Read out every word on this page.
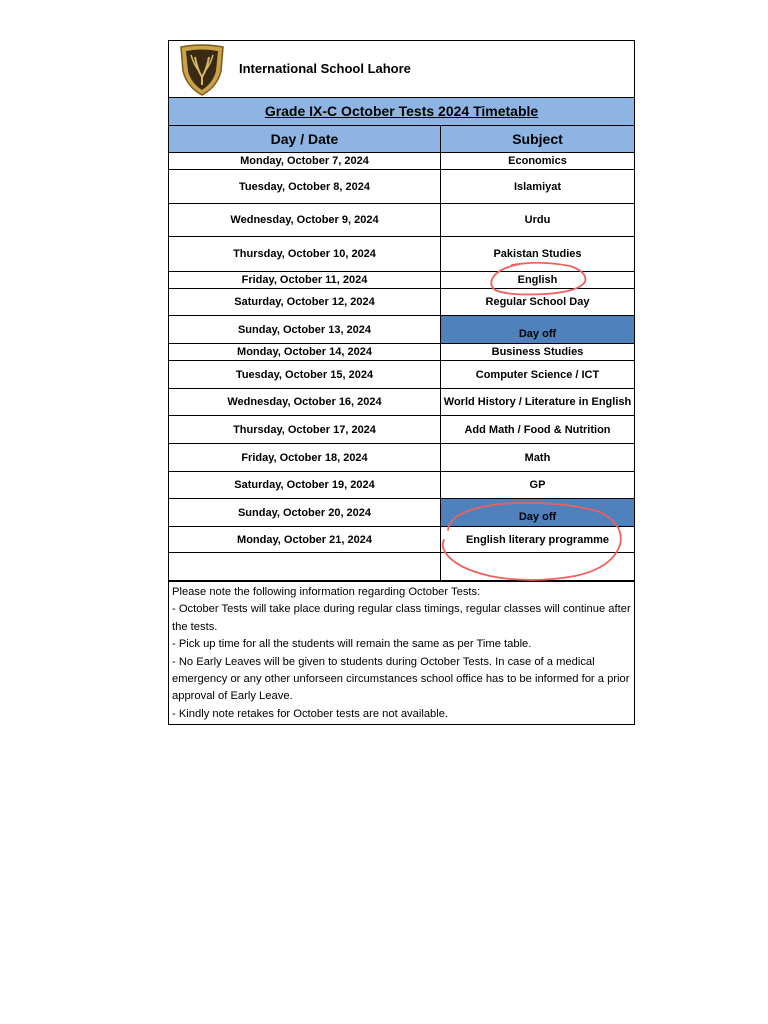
International School Lahore
Grade IX-C October Tests 2024 Timetable
Day / Date	Subject
Monday, October 7, 2024	Economics
Tuesday, October 8, 2024	Islamiyat
Wednesday, October 9, 2024	Urdu
Thursday, October 10, 2024	Pakistan Studies
Friday, October 11, 2024	English
Saturday, October 12, 2024	Regular School Day
Sunday, October 13, 2024	Day off

Monday, October 14, 2024	Business Studies
Tuesday, October 15, 2024	Computer Science / ICT
Wednesday, October 16, 2024	World History / Literature in English
Thursday, October 17, 2024	Add Math / Food & Nutrition
Friday, October 18, 2024	Math
Saturday, October 19, 2024	GP
Sunday, October 20, 2024	Day off

Monday, October 21, 2024	English literary programme

Please note the following information regarding October Tests:
- October Tests will take place during regular class timings, regular classes will continue after the tests.
- Pick up time for all the students will remain the same as per Time table.
- No Early Leaves will be given to students during October Tests. In case of a medical emergency or any other unforseen circumstances school office has to be informed for a prior approval of Early Leave.
- Kindly note retakes for October tests are not available.
